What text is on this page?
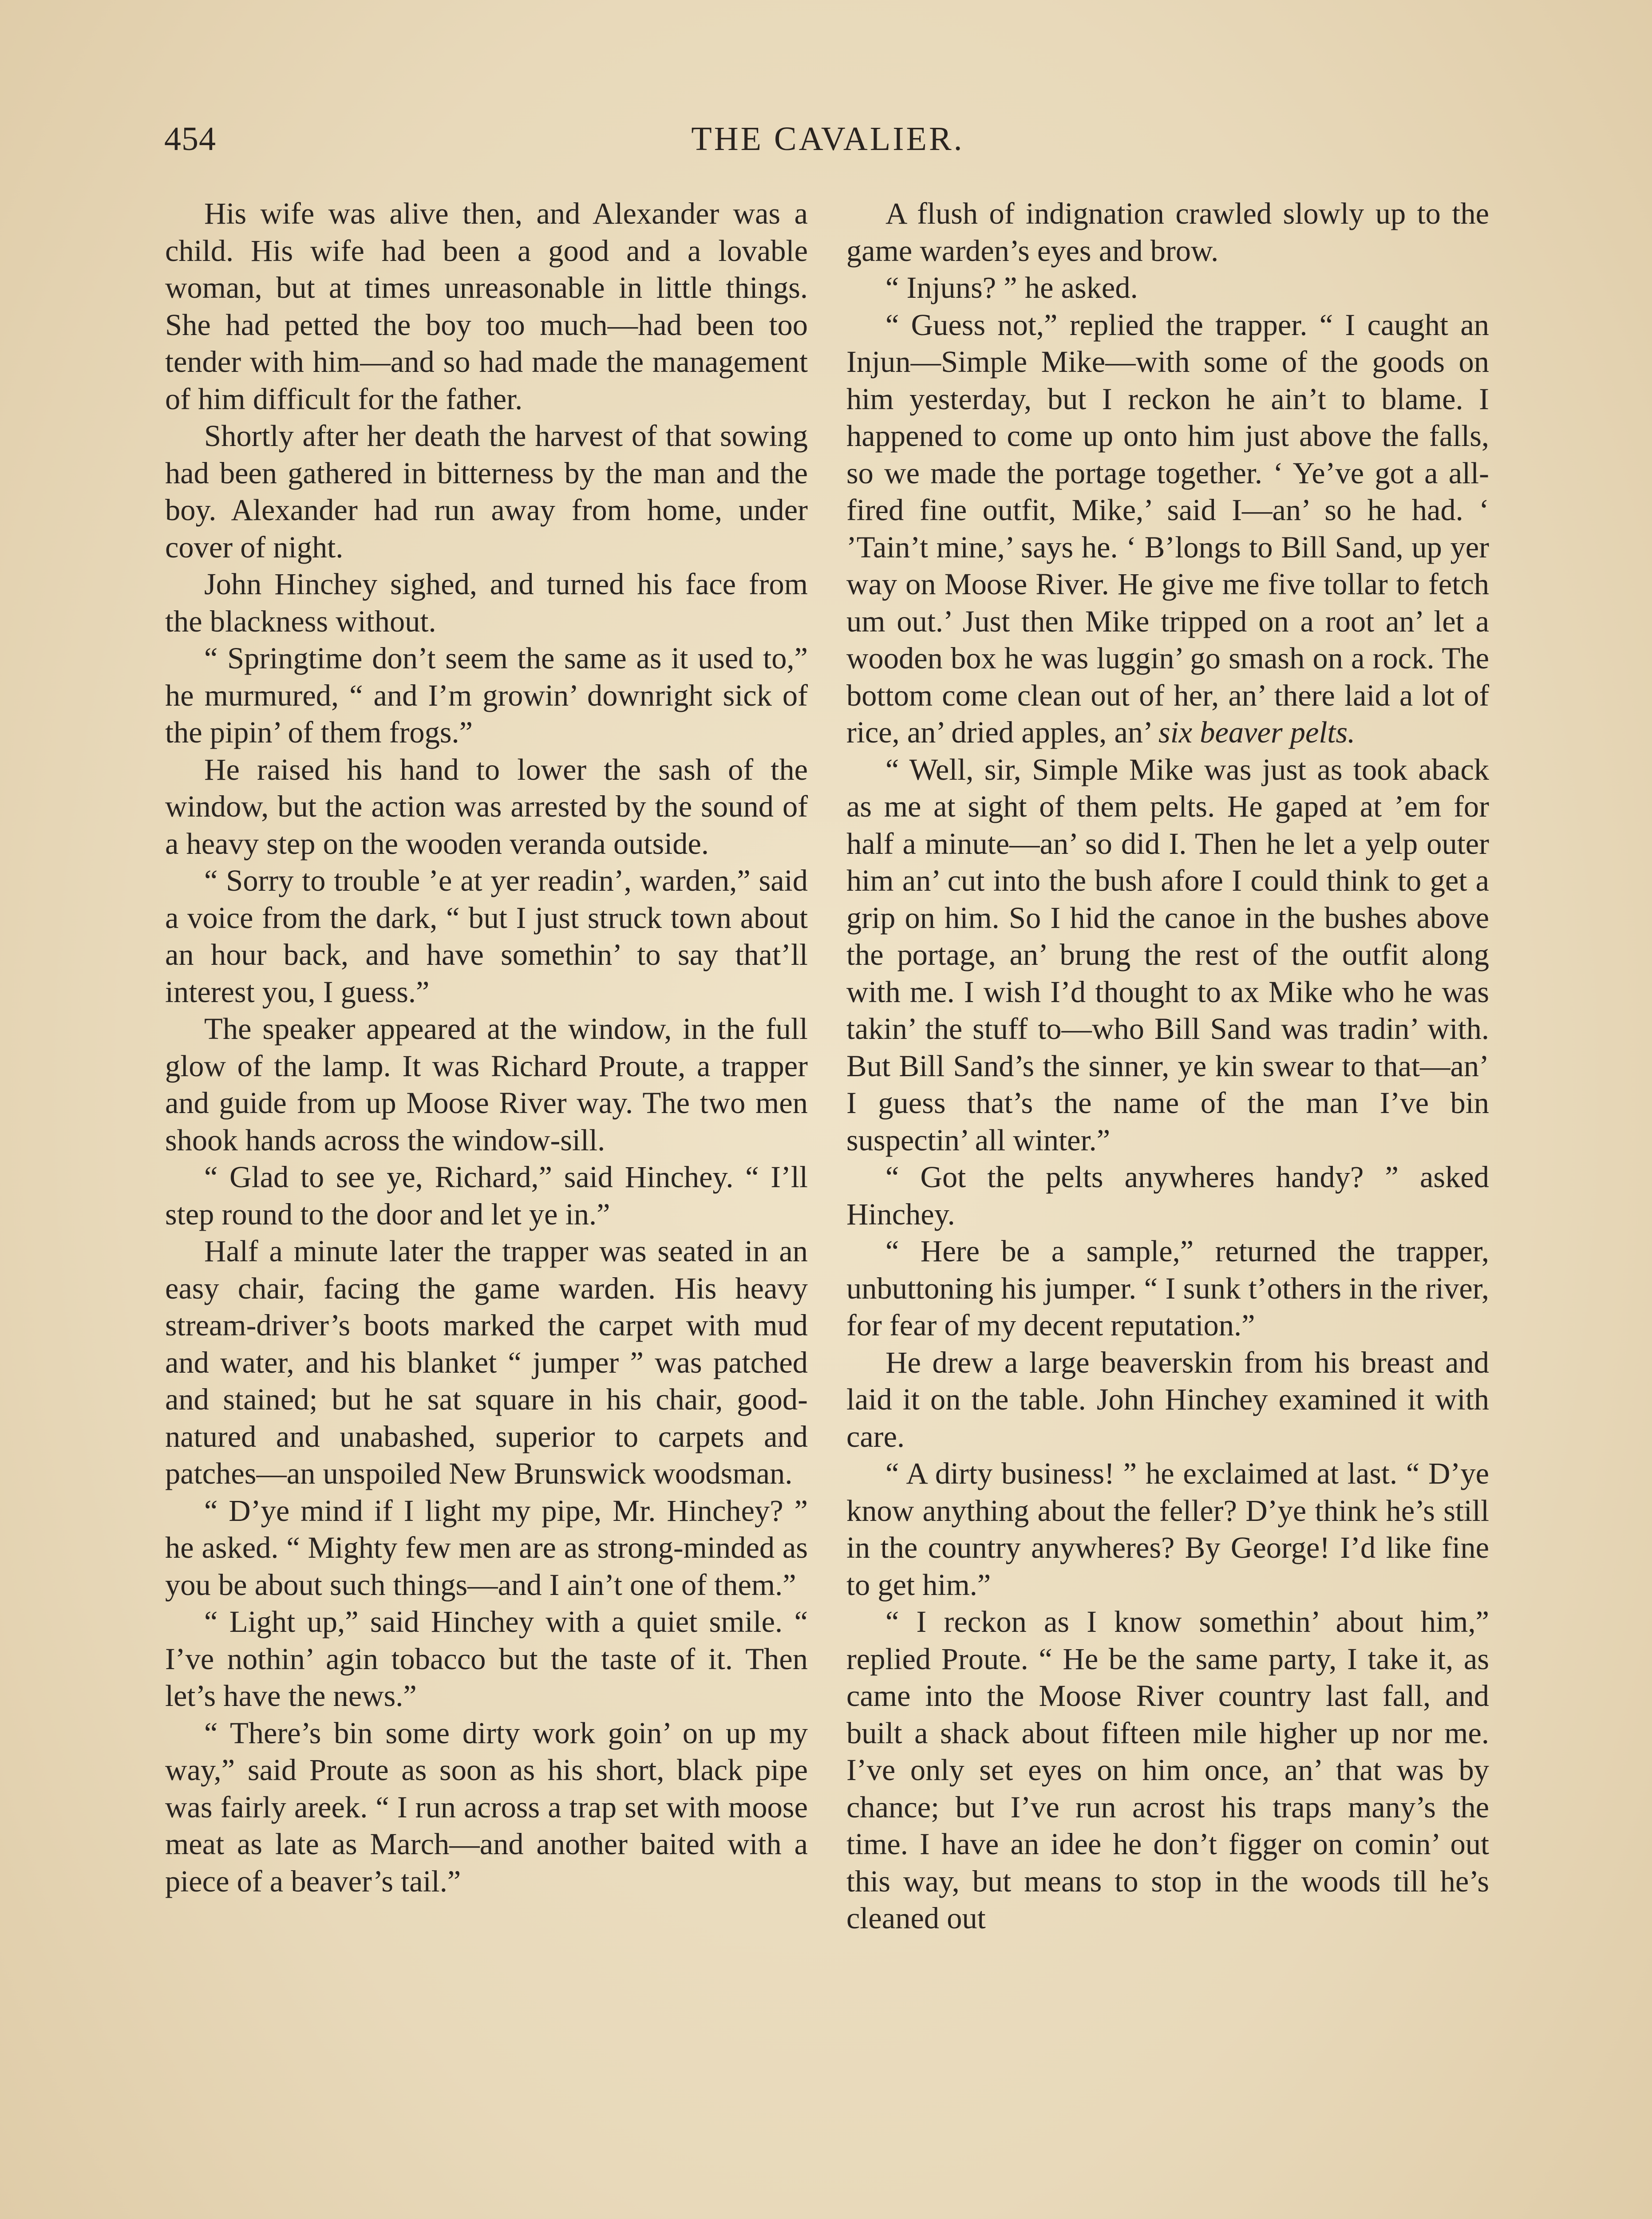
454	THE CAVALIER.

His wife was alive then, and Alexander was a child. His wife had been a good and a lovable woman, but at times unreasonable in little things. She had petted the boy too much—had been too tender with him—and so had made the management of him difficult for the father.

Shortly after her death the harvest of that sowing had been gathered in bitterness by the man and the boy. Alexander had run away from home, under cover of night.

John Hinchey sighed, and turned his face from the blackness without.

“ Springtime don’t seem the same as it used to,” he murmured, “ and I’m growin’ downright sick of the pipin’ of them frogs.”

He raised his hand to lower the sash of the window, but the action was arrested by the sound of a heavy step on the wooden veranda outside.

“ Sorry to trouble ’e at yer readin’, warden,” said a voice from the dark, “ but I just struck town about an hour back, and have somethin’ to say that’ll interest you, I guess.”

The speaker appeared at the window, in the full glow of the lamp. It was Richard Proute, a trapper and guide from up Moose River way. The two men shook hands across the window-sill.

“ Glad to see ye, Richard,” said Hinchey. “ I’ll step round to the door and let ye in.”

Half a minute later the trapper was seated in an easy chair, facing the game warden. His heavy stream-driver’s boots marked the carpet with mud and water, and his blanket “ jumper ” was patched and stained; but he sat square in his chair, good-natured and unabashed, superior to carpets and patches—an unspoiled New Brunswick woodsman.

“ D’ye mind if I light my pipe, Mr. Hinchey? ” he asked. “ Mighty few men are as strong-minded as you be about such things—and I ain’t one of them.”

“ Light up,” said Hinchey with a quiet smile. “ I’ve nothin’ agin tobacco but the taste of it. Then let’s have the news.”

“ There’s bin some dirty work goin’ on up my way,” said Proute as soon as his short, black pipe was fairly areek. “ I run across a trap set with moose meat as late as March—and another baited with a piece of a beaver’s tail.”

A flush of indignation crawled slowly up to the game warden’s eyes and brow.

“ Injuns? ” he asked.

“ Guess not,” replied the trapper. “ I caught an Injun—Simple Mike—with some of the goods on him yesterday, but I reckon he ain’t to blame. I happened to come up onto him just above the falls, so we made the portage together. ‘ Ye’ve got a all-fired fine outfit, Mike,’ said I—an’ so he had. ‘ ’Tain’t mine,’ says he. ‘ B’longs to Bill Sand, up yer way on Moose River. He give me five tollar to fetch um out.’ Just then Mike tripped on a root an’ let a wooden box he was luggin’ go smash on a rock. The bottom come clean out of her, an’ there laid a lot of rice, an’ dried apples, an’ six beaver pelts.

“ Well, sir, Simple Mike was just as took aback as me at sight of them pelts. He gaped at ’em for half a minute—an’ so did I. Then he let a yelp outer him an’ cut into the bush afore I could think to get a grip on him. So I hid the canoe in the bushes above the portage, an’ brung the rest of the outfit along with me. I wish I’d thought to ax Mike who he was takin’ the stuff to—who Bill Sand was tradin’ with. But Bill Sand’s the sinner, ye kin swear to that—an’ I guess that’s the name of the man I’ve bin suspectin’ all winter.”

“ Got the pelts anywheres handy? ” asked Hinchey.

“ Here be a sample,” returned the trapper, unbuttoning his jumper. “ I sunk t’others in the river, for fear of my decent reputation.”

He drew a large beaverskin from his breast and laid it on the table. John Hinchey examined it with care.

“ A dirty business! ” he exclaimed at last. “ D’ye know anything about the feller? D’ye think he’s still in the country anywheres? By George! I’d like fine to get him.”

“ I reckon as I know somethin’ about him,” replied Proute. “ He be the same party, I take it, as came into the Moose River country last fall, and built a shack about fifteen mile higher up nor me. I’ve only set eyes on him once, an’ that was by chance; but I’ve run acrost his traps many’s the time. I have an idee he don’t figger on comin’ out this way, but means to stop in the woods till he’s cleaned out
